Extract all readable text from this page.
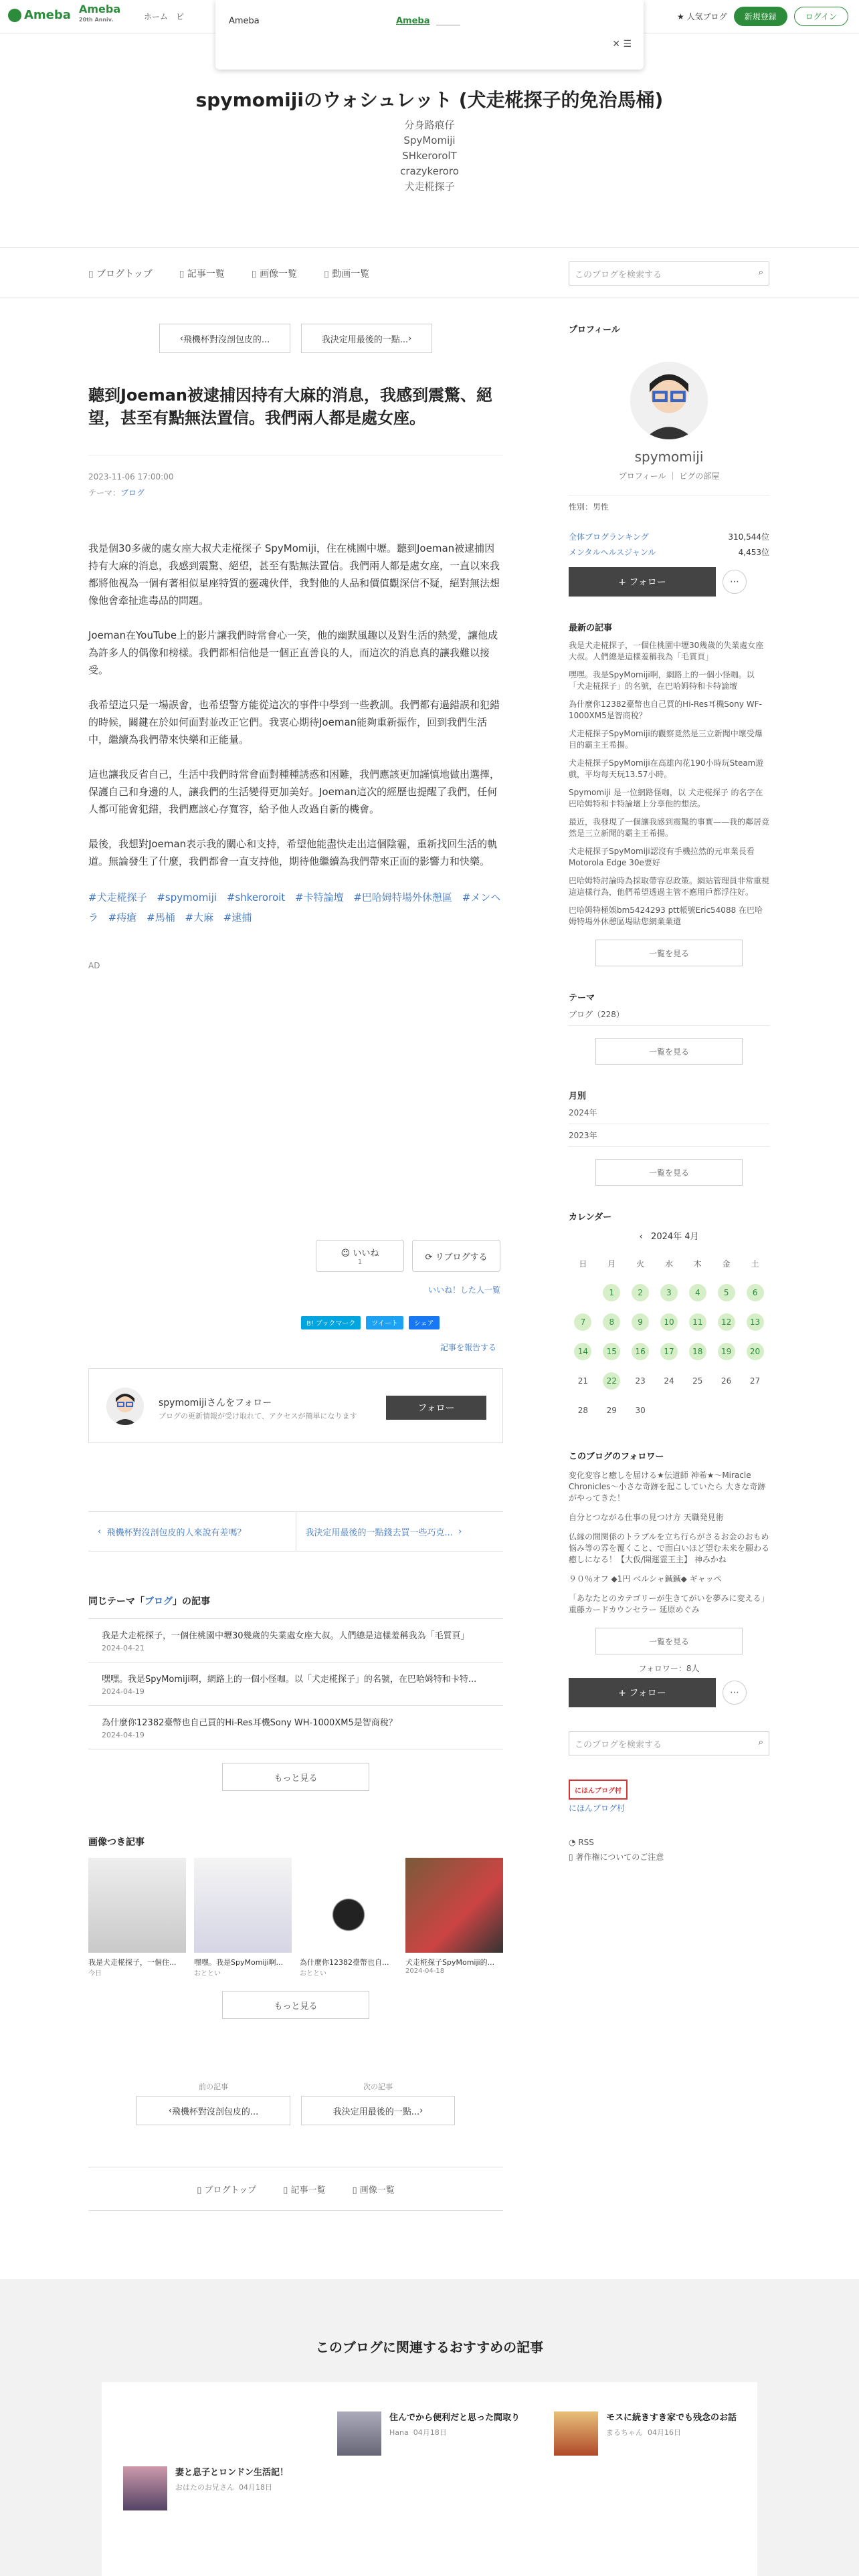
Ameba Ameba
20th Anniv.	ホーム ピ	★ 人気ブログ	新規登録	ログイン
Ameba	Ameba
✕ ☰
spymomijiのウォシュレット (犬走椛探子的免治馬桶)
分身路痕仔
SpyMomiji
SHkerorolT
crazykeroro
犬走椛探子
▯ ブログトップ	▯ 記事一覧	▯ 画像一覧	▯ 動画一覧	このブログを検索する	⌕
‹ 飛機杯對沒剖包皮的...	我決定用最後的一點... ›
聽到Joeman被逮捕因持有大麻的消息，我感到震驚、絕望，甚至有點無法置信。我們兩人都是處女座。
2023-11-06 17:00:00
テーマ：ブログ

我是個30多歲的處女座大叔犬走椛探子 SpyMomiji，住在桃園中壢。聽到Joeman被逮捕因持有大麻的消息，我感到震驚、絕望，甚至有點無法置信。我們兩人都是處女座，一直以來我都將他視為一個有著相似星座特質的靈魂伙伴，我對他的人品和價值觀深信不疑，絕對無法想像他會牽扯進毒品的問題。

Joeman在YouTube上的影片讓我們時常會心一笑，他的幽默風趣以及對生活的熱愛，讓他成為許多人的偶像和榜樣。我們都相信他是一個正直善良的人，而這次的消息真的讓我難以接受。

我希望這只是一場誤會，也希望警方能從這次的事件中學到一些教訓。我們都有過錯誤和犯錯的時候，關鍵在於如何面對並改正它們。我衷心期待Joeman能夠重新振作，回到我們生活中，繼續為我們帶來快樂和正能量。

這也讓我反省自己，生活中我們時常會面對種種誘惑和困難，我們應該更加謹慎地做出選擇，保護自己和身邊的人，讓我們的生活變得更加美好。Joeman這次的經歷也提醒了我們，任何人都可能會犯錯，我們應該心存寬容，給予他人改過自新的機會。

最後，我想對Joeman表示我的關心和支持，希望他能盡快走出這個陰霾，重新找回生活的軌道。無論發生了什麼，我們都會一直支持他，期待他繼續為我們帶來正面的影響力和快樂。

#犬走椛探子 #spymomiji #shkeroroit #卡特論壇 #巴哈姆特場外休憩區 #メンヘラ #痔瘡 #馬桶 #大麻 #逮捕
AD
☺ いいね
1	⟳ リブログする
いいね！した人一覧
B! ブックマーク	ツイート	シェア
記事を報告する
spymomijiさんをフォロー
ブログの更新情報が受け取れて、アクセスが簡単になります
フォロー
‹ 飛機杯對沒剖包皮的人來說有差嗎？	我決定用最後的一點錢去買一些巧克... ›
同じテーマ「ブログ」の記事
我是犬走椛探子，一個住桃園中壢30幾歲的失業處女座大叔。人們總是這樣羞稱我為「毛質頁」
2024-04-21
嘿嘿。我是SpyMomiji啊，網路上的一個小怪咖。以「犬走椛探子」的名號，在巴哈姆特和卡特...
2024-04-19
為什麼你12382臺幣也自己買的Hi-Res耳機Sony WH-1000XM5是智商稅？
2024-04-19
もっと見る
画像つき記事
我是犬走椛探子，一個住...
今日
嘿嘿。我是SpyMomiji啊...
おととい
為什麼你12382臺幣也自...
おととい
犬走椛探子SpyMomiji的...
2024-04-18
もっと見る
前の記事
‹ 飛機杯對沒剖包皮的...
次の記事
我決定用最後的一點... ›
▯ ブログトップ	▯ 記事一覧	▯ 画像一覧
プロフィール
spymomiji
プロフィール ｜ ピグの部屋
性別：男性
全体ブログランキング	310,544位
メンタルヘルスジャンル	4,453位
+ フォロー	⋯
最新の記事
我是犬走椛探子，一個住桃園中壢30幾歲的失業處女座大叔。人們總是這樣羞稱我為「毛質頁」
嘿嘿。我是SpyMomiji啊，網路上的一個小怪咖。以「犬走椛探子」的名號，在巴哈姆特和卡特論壇
為什麼你12382臺幣也自己買的Hi-Res耳機Sony WF-1000XM5是智商稅？
犬走椛探子SpyMomiji的觀察竟然是三立新聞中壞受爆目的霸主王希揚。
犬走椛探子SpyMomiji在高雄內花190小時玩Steam遊戲，平均每天玩13.57小時。
Spymomiji 是一位網路怪咖，以 犬走椛探子 的名字在巴哈姆特和卡特論壇上分享他的想法。
最近，我發現了一個讓我感到震驚的事實——我的鄰居竟然是三立新聞的霸主王希揚。
犬走椛探子SpyMomiji認沒有手機拉然的元車業長看Motorola Edge 30e要好
巴哈姆特討論時為採取帶容忍政策。網站管理員非常重視這這樣行為，他們希望透過主管不應用戶都浮往好。
巴哈姆特極娛bm5424293 ptt帳號Eric54088 在巴哈姆特場外休憩區場貼您網業業還
一覧を見る
テーマ
ブログ（228）
一覧を見る
月別
2024年
2023年
一覧を見る
カレンダー
‹ 2024年 4月
日	月	火	水	木	金	土
	1	2	3	4	5	6
7	8	9	10	11	12	13
14	15	16	17	18	19	20
21	22	23	24	25	26	27
28	29	30				
このブログのフォロワー
変化変容と癒しを届ける★伝道師 神希★〜Miracle Chronicles〜小さな奇跡を起こしていたら 大きな奇跡がやってきた！
自分とつながる仕事の見つけ方 天職発見術
仏縁の間関係のトラブルを立ち行らがさるお金のおもめ悩み等の雰を覆くこと、で面白いほど望む未来を願わる癒しになる！【大仮/開運霊王主】 神みかね
９０％オフ ◆1円 ベルシャ鍼鍼◆ ギャッペ
「あなたとのカテゴリーが生きてがいを夢みに変える」重藤カードカウンセラー 延原めぐみ
一覧を見る
フォロワー：8人
+ フォロー	⋯
このブログを検索する	⌕
にほんブログ村
にほんブログ村
◔ RSS
▯ 著作権についてのご注意
このブログに関連するおすすめの記事
住んでから便利だと思った間取り
Hana 04月18日
モスに続きすき家でも残念のお話
まるちゃん 04月16日
妻と息子とロンドン生活記！
おはたのお兄さん 04月18日
